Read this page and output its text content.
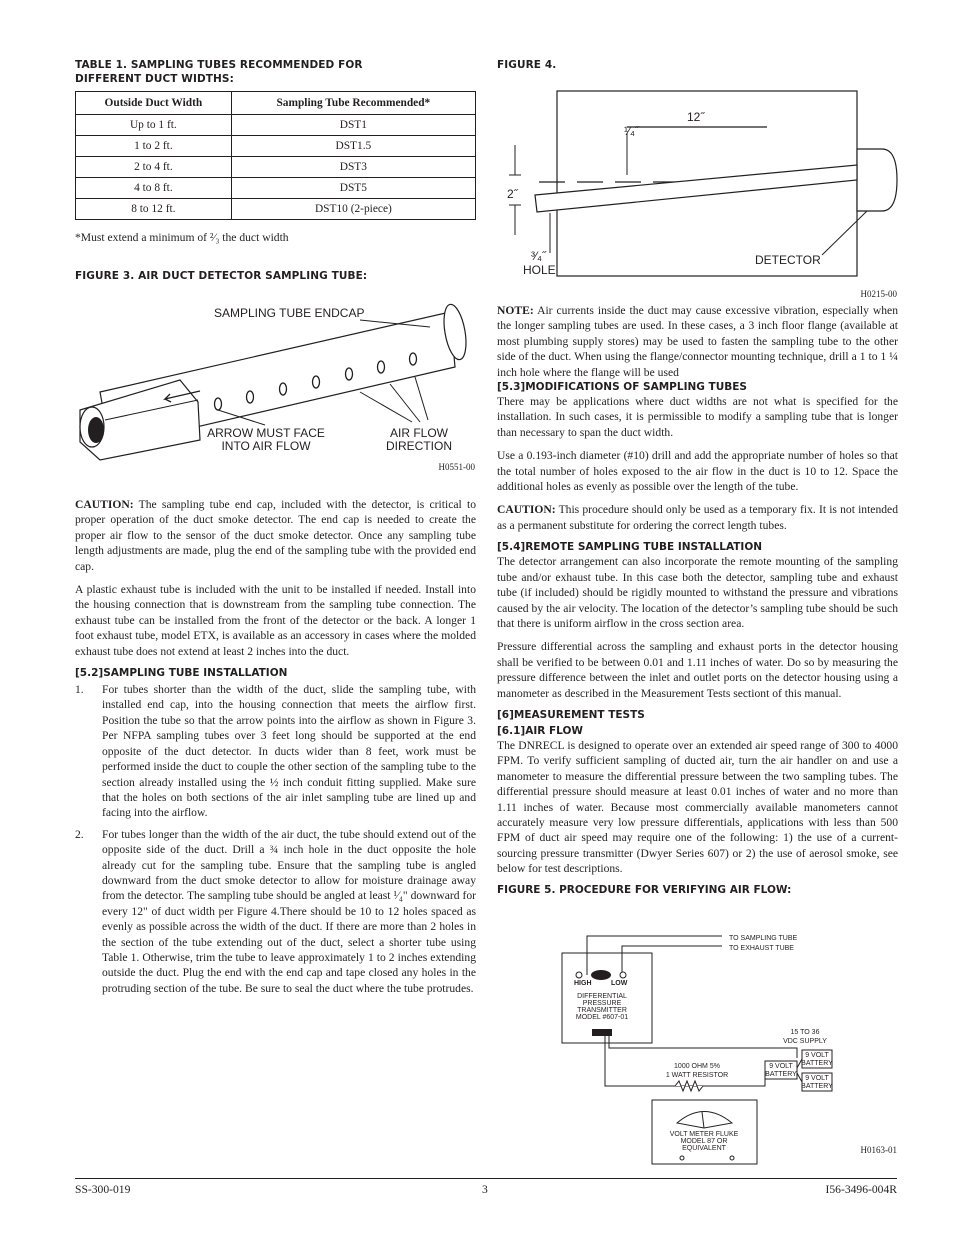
TABLE 1. SAMPLING TUBES RECOMMENDED FOR
DIFFERENT DUCT WIDTHS:
Outside Duct Width	Sampling Tube Recommended*
Up to 1 ft.	DST1
1 to 2 ft.	DST1.5
2 to 4 ft.	DST3
4 to 8 ft.	DST5
8 to 12 ft.	DST10 (2-piece)

*Must extend a minimum of ²⁄₃ the duct width

FIGURE 3. AIR DUCT DETECTOR SAMPLING TUBE:
SAMPLING TUBE ENDCAP
ARROW MUST FACE
INTO AIR FLOW
AIR FLOW
DIRECTION
H0551-00

CAUTION: The sampling tube end cap, included with the detector, is critical to proper operation of the duct smoke detector. The end cap is needed to create the proper air flow to the sensor of the duct smoke detector. Once any sampling tube length adjustments are made, plug the end of the sampling tube with the provided end cap.

A plastic exhaust tube is included with the unit to be installed if needed. Install into the housing connection that is downstream from the sampling tube connection. The exhaust tube can be installed from the front of the detector or the back. A longer 1 foot exhaust tube, model ETX, is available as an accessory in cases where the molded exhaust tube does not extend at least 2 inches into the duct.

[5.2]SAMPLING TUBE INSTALLATION
1. For tubes shorter than the width of the duct, slide the sampling tube, with installed end cap, into the housing connection that meets the airflow first. Position the tube so that the arrow points into the airflow as shown in Figure 3. Per NFPA sampling tubes over 3 feet long should be supported at the end opposite of the duct detector. In ducts wider than 8 feet, work must be performed inside the duct to couple the other section of the sampling tube to the section already installed using the ½ inch conduit fitting supplied. Make sure that the holes on both sections of the air inlet sampling tube are lined up and facing into the airflow.
2. For tubes longer than the width of the air duct, the tube should extend out of the opposite side of the duct. Drill a ¾ inch hole in the duct opposite the hole already cut for the sampling tube. Ensure that the sampling tube is angled downward from the duct smoke detector to allow for moisture drainage away from the detector. The sampling tube should be angled at least ¹⁄₄" downward for every 12" of duct width per Figure 4.There should be 10 to 12 holes spaced as evenly as possible across the width of the duct. If there are more than 2 holes in the section of the tube extending out of the duct, select a shorter tube using Table 1. Otherwise, trim the tube to leave approximately 1 to 2 inches extending outside the duct. Plug the end with the end cap and tape closed any holes in the protruding section of the tube. Be sure to seal the duct where the tube protrudes.
FIGURE 4.
12˝
¹⁄₄˝
2˝
³⁄₄˝
HOLE
DETECTOR
H0215-00

NOTE: Air currents inside the duct may cause excessive vibration, especially when the longer sampling tubes are used. In these cases, a 3 inch floor flange (available at most plumbing supply stores) may be used to fasten the sampling tube to the other side of the duct. When using the flange/connector mounting technique, drill a 1 to 1 ¼ inch hole where the flange will be used

[5.3]MODIFICATIONS OF SAMPLING TUBES

There may be applications where duct widths are not what is specified for the installation. In such cases, it is permissible to modify a sampling tube that is longer than necessary to span the duct width.

Use a 0.193-inch diameter (#10) drill and add the appropriate number of holes so that the total number of holes exposed to the air flow in the duct is 10 to 12. Space the additional holes as evenly as possible over the length of the tube.

CAUTION: This procedure should only be used as a temporary fix. It is not intended as a permanent substitute for ordering the correct length tubes.

[5.4]REMOTE SAMPLING TUBE INSTALLATION

The detector arrangement can also incorporate the remote mounting of the sampling tube and/or exhaust tube. In this case both the detector, sampling tube and exhaust tube (if included) should be rigidly mounted to withstand the pressure and vibrations caused by the air velocity. The location of the detector’s sampling tube should be such that there is uniform airflow in the cross section area.

Pressure differential across the sampling and exhaust ports in the detector housing shall be verified to be between 0.01 and 1.11 inches of water. Do so by measuring the pressure difference between the inlet and outlet ports on the detector housing using a manometer as described in the Measurement Tests sectiont of this manual.

[6]MEASUREMENT TESTS
[6.1]AIR FLOW

The DNRECL is designed to operate over an extended air speed range of 300 to 4000 FPM. To verify sufficient sampling of ducted air, turn the air handler on and use a manometer to measure the differential pressure between the two sampling tubes. The differential pressure should measure at least 0.01 inches of water and no more than 1.11 inches of water. Because most commercially available manometers cannot accurately measure very low pressure differentials, applications with less than 500 FPM of duct air speed may require one of the following: 1) the use of a current-sourcing pressure transmitter (Dwyer Series 607) or 2) the use of aerosol smoke, see below for test descriptions.

FIGURE 5. PROCEDURE FOR VERIFYING AIR FLOW:
HIGH	LOW
DIFFERENTIAL
PRESSURE
TRANSMITTER
MODEL #607-01
TO SAMPLING TUBE
TO EXHAUST TUBE
9 VOLT
BATTERY
9 VOLT
BATTERY
9 VOLT
BATTERY
15 TO 36
VDC SUPPLY
1000 OHM 5%
1 WATT RESISTOR
VOLT METER FLUKE
MODEL 87 OR
EQUIVALENT	H0163-01
SS-300-019	3	I56-3496-004R
